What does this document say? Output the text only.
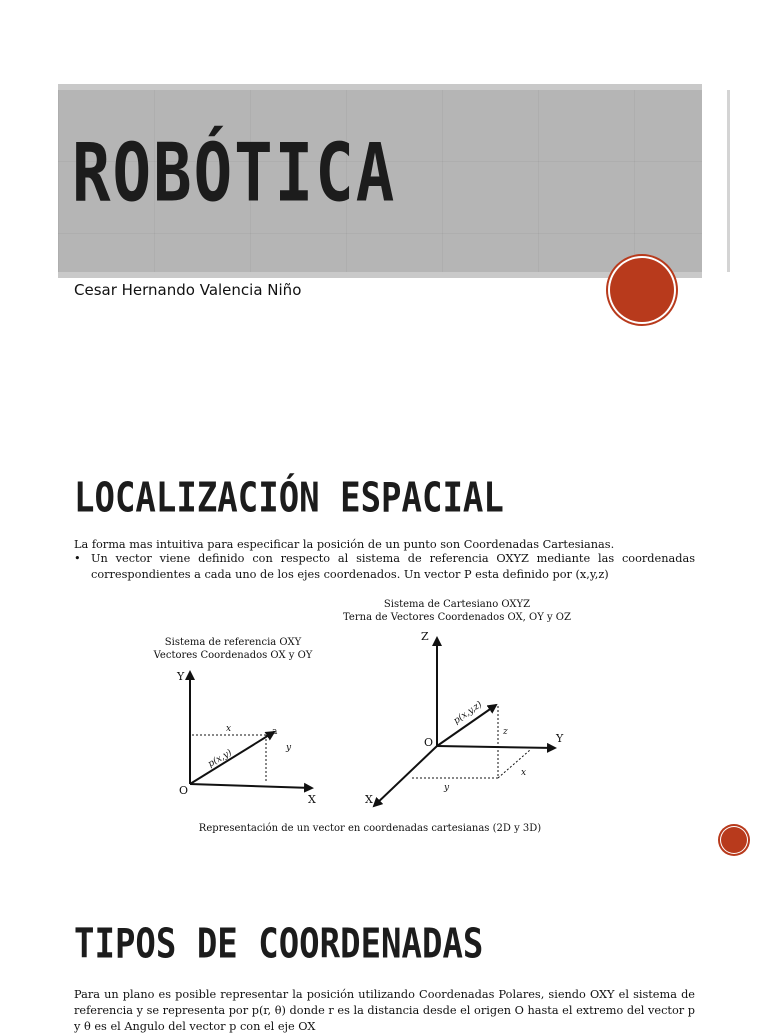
ROBÓTICA
Cesar Hernando Valencia Niño
LOCALIZACIÓN ESPACIAL

La forma mas intuitiva para especificar la posición de un punto son Coordenadas Cartesianas.

• Un vector viene definido con respecto al sistema de referencia OXYZ mediante las coordenadas correspondientes a cada uno de los ejes coordenados. Un vector P esta definido por (x,y,z)
Sistema de Cartesiano OXYZ
Terna de Vectores Coordenados OX, OY y OZ
Sistema de referencia OXY
Vectores Coordenados OX y OY
Y
X
O
a
x
y
p(x,y)
Z
Y
X
O
z
x
y
p(x,y,z)
Representación de un vector en coordenadas cartesianas (2D y 3D)
TIPOS DE COORDENADAS

Para un plano es posible representar la posición utilizando Coordenadas Polares, siendo OXY el sistema de referencia y se representa por p(r, θ) donde r es la distancia desde el origen O hasta el extremo del vector p y θ es el Angulo del vector p con el eje OX
